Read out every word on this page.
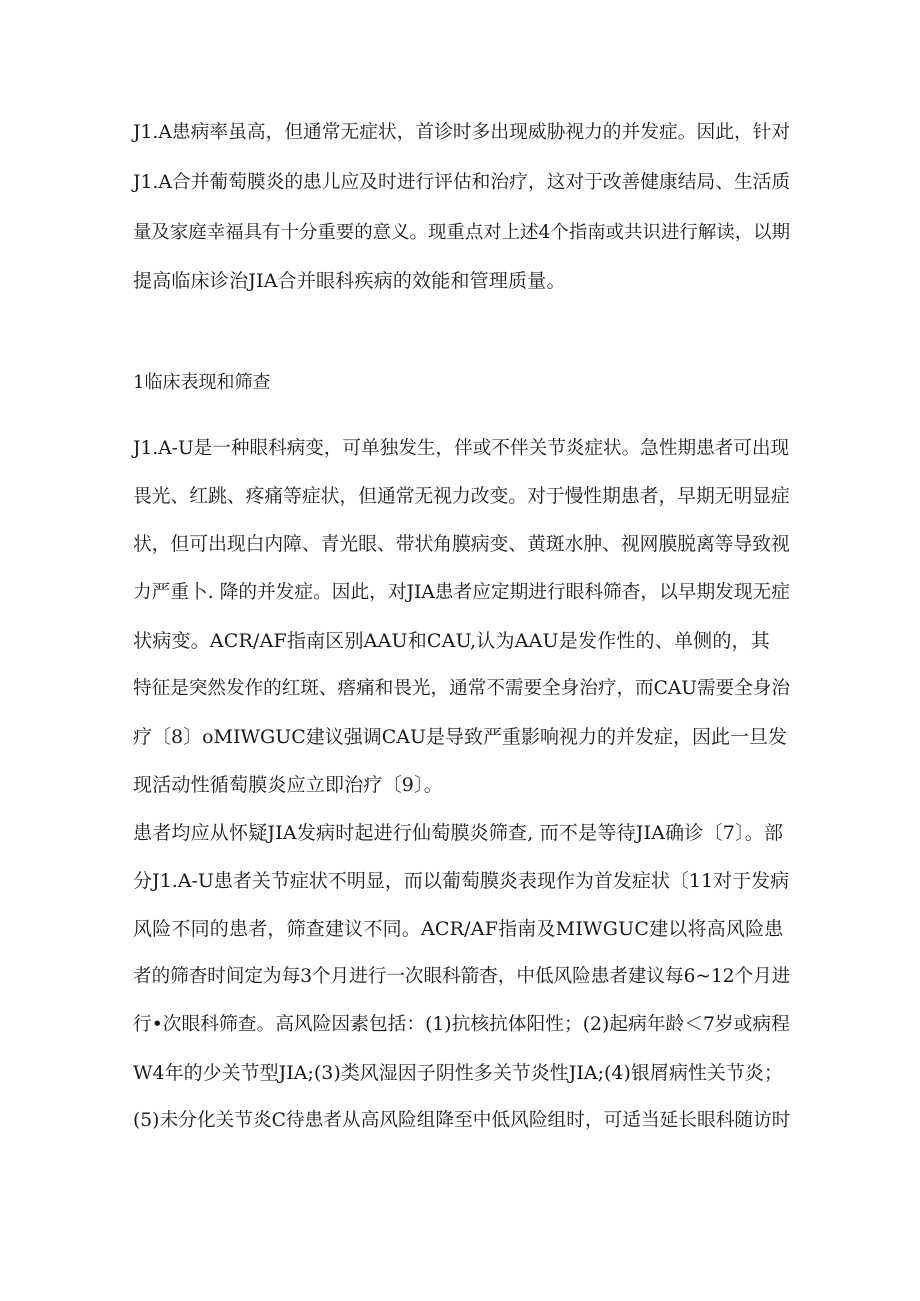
J1.A患病率虽高，但通常无症状，首诊时多出现威胁视力的并发症。因此，针对
J1.A合并葡萄膜炎的患儿应及时进行评估和治疗，这对于改善健康结局、生活质
量及家庭幸福具有十分重要的意义。现重点对上述4个指南或共识进行解读，以期
提高临床诊治JIA合并眼科疾病的效能和管理质量。
1临床表现和筛查
J1.A-U是一种眼科病变，可单独发生，伴或不伴关节炎症状。急性期患者可出现
畏光、红跳、疼痛等症状，但通常无视力改变。对于慢性期患者，早期无明显症
状，但可出现白内障、青光眼、带状角膜病变、黄斑水肿、视网膜脱离等导致视
力严重卜. 降的并发症。因此，对JIA患者应定期进行眼科筛杳，以早期发现无症
状病变。ACR/AF指南区别AAU和CAU,认为AAU是发作性的、单侧的，其
特征是突然发作的红斑、瘩痛和畏光，通常不需要全身治疗，而CAU需要全身治
疗〔8〕oMIWGUC建议强调CAU是导致严重影响视力的并发症，因此一旦发
现活动性循萄膜炎应立即治疗〔9〕。
患者均应从怀疑JIA发病时起进行仙萄膜炎筛查, 而不是等待JIA确诊〔7〕。部
分J1.A-U患者关节症状不明显，而以葡萄膜炎表现作为首发症状〔11对于发病
风险不同的患者，筛查建议不同。ACR/AF指南及MIWGUC建以将高风险患
者的筛杳时间定为每3个月进行一次眼科箭杳，中低风险患者建议每6~12个月进
行•次眼科筛查。高风险因素包括：(1)抗核抗体阳性；(2)起病年龄＜7岁或病程
W4年的少关节型JIA;(3)类风湿因子阴性多关节炎性JIA;(4)银屑病性关节炎；
(5)未分化关节炎C待患者从高风险组降至中低风险组时，可适当延长眼科随访时
